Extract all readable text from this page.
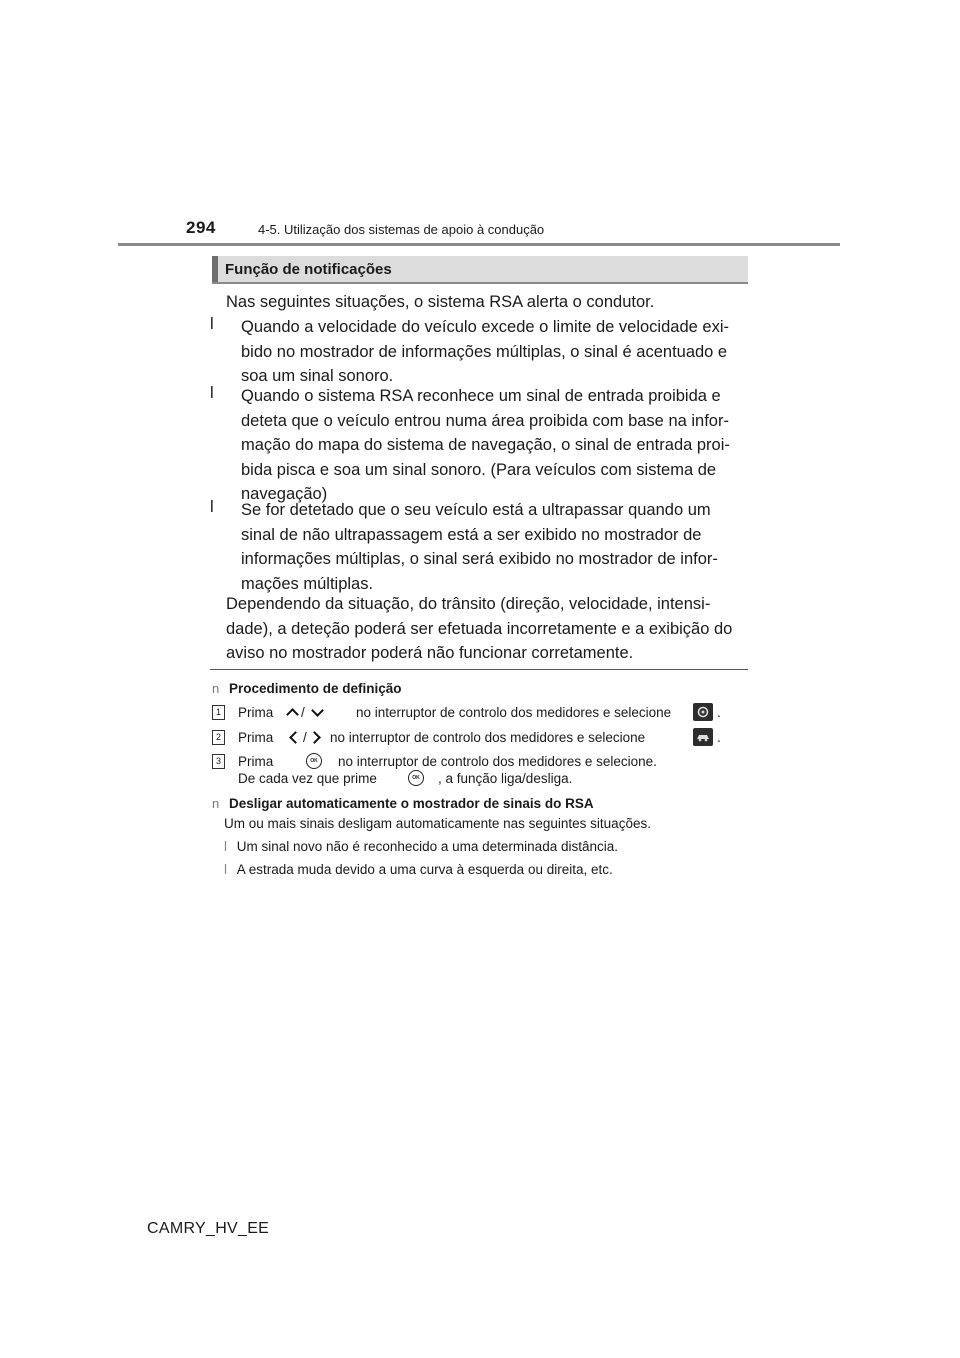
294	4-5. Utilização dos sistemas de apoio à condução
Função de notificações
Nas seguintes situações, o sistema RSA alerta o condutor.
l Quando a velocidade do veículo excede o limite de velocidade exi-
bido no mostrador de informações múltiplas, o sinal é acentuado e
soa um sinal sonoro.
l Quando o sistema RSA reconhece um sinal de entrada proibida e
deteta que o veículo entrou numa área proibida com base na infor-
mação do mapa do sistema de navegação, o sinal de entrada proi-
bida pisca e soa um sinal sonoro. (Para veículos com sistema de
navegação)
l Se for detetado que o seu veículo está a ultrapassar quando um
sinal de não ultrapassagem está a ser exibido no mostrador de
informações múltiplas, o sinal será exibido no mostrador de infor-
mações múltiplas.
Dependendo da situação, do trânsito (direção, velocidade, intensi-
dade), a deteção poderá ser efetuada incorretamente e a exibição do
aviso no mostrador poderá não funcionar corretamente.
n Procedimento de definição
1 Prima /	no interruptor de controlo dos medidores e selecione	.
2 Prima / no interruptor de controlo dos medidores e selecione	.
3 Prima	OK	no interruptor de controlo dos medidores e selecione.
De cada vez que prime	OK	, a função liga/desliga.
n Desligar automaticamente o mostrador de sinais do RSA
Um ou mais sinais desligam automaticamente nas seguintes situações.
l Um sinal novo não é reconhecido a uma determinada distância.
l A estrada muda devido a uma curva à esquerda ou direita, etc.
CAMRY_HV_EE
